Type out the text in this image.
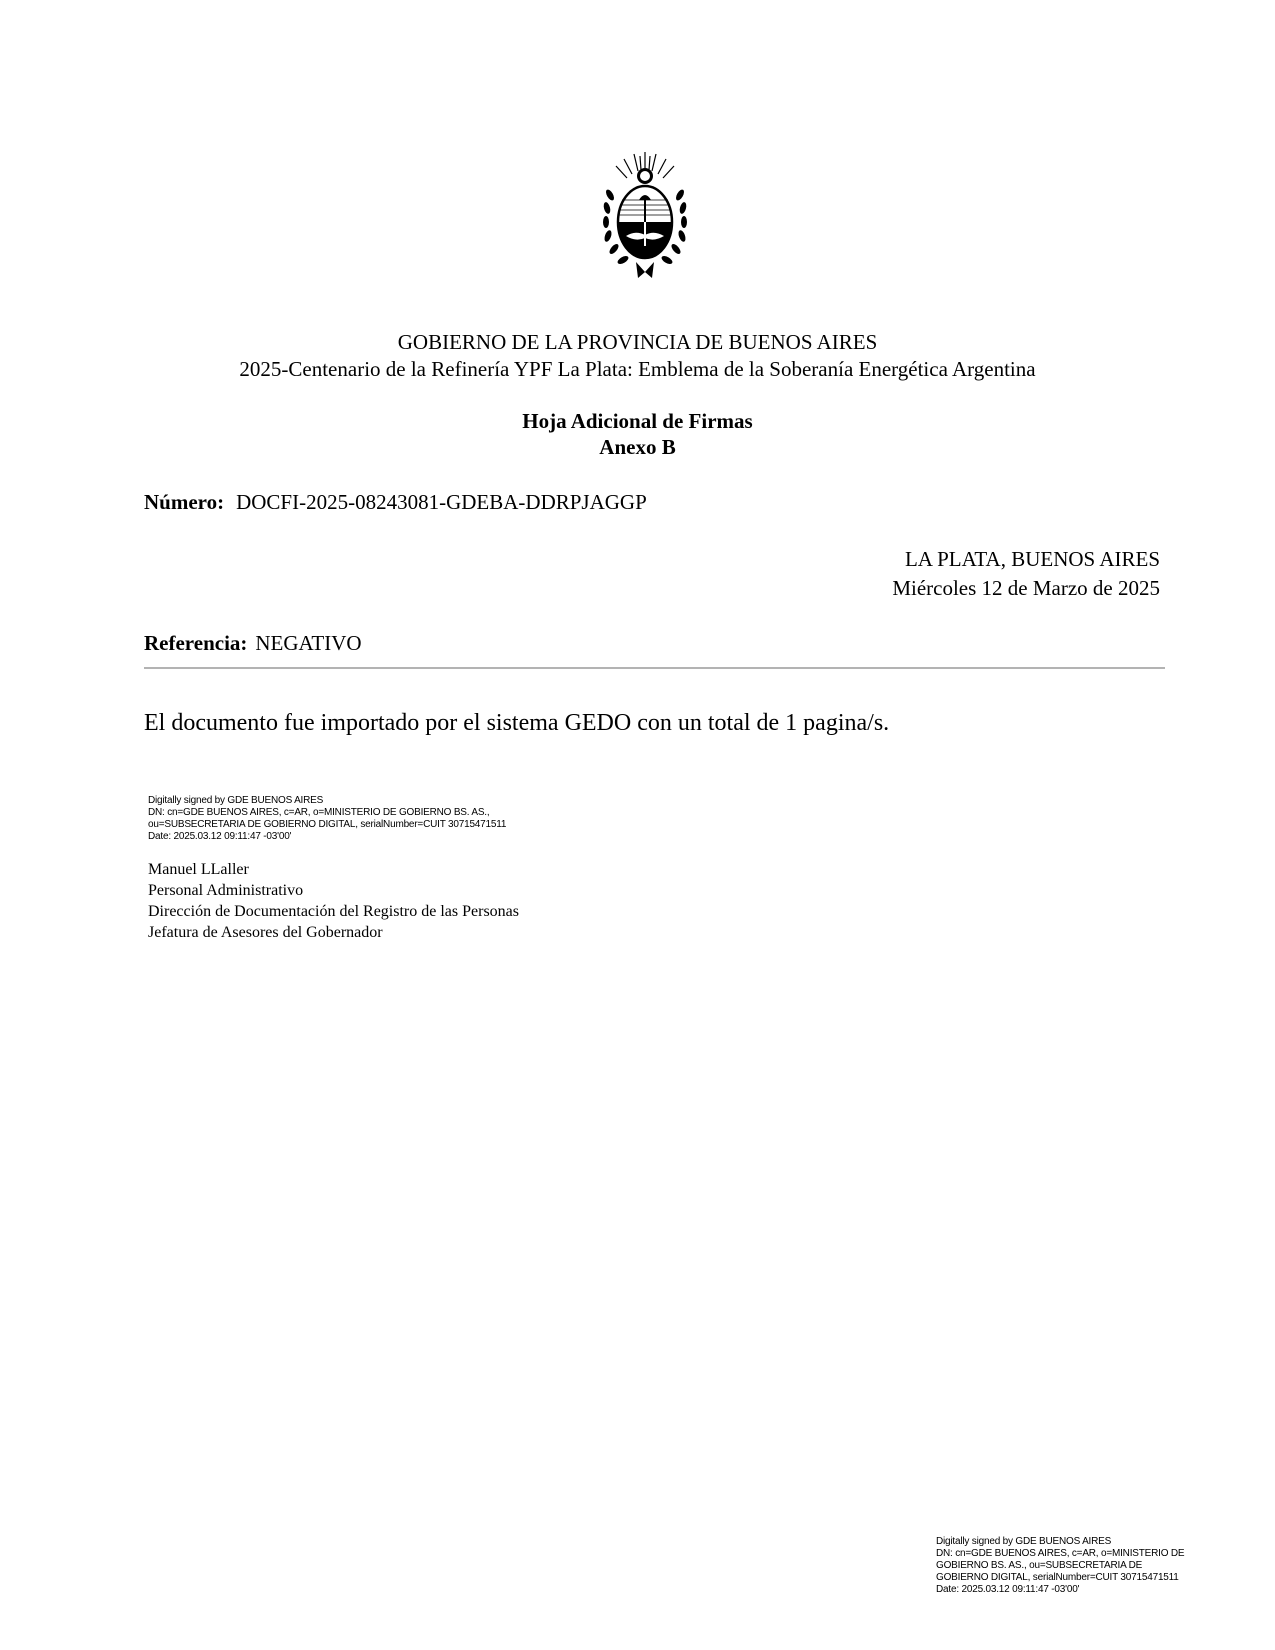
GOBIERNO DE LA PROVINCIA DE BUENOS AIRES
2025-Centenario de la Refinería YPF La Plata: Emblema de la Soberanía Energética Argentina
Hoja Adicional de Firmas
Anexo B
Número: DOCFI-2025-08243081-GDEBA-DDRPJAGGP
LA PLATA, BUENOS AIRES
Miércoles 12 de Marzo de 2025
Referencia: NEGATIVO
El documento fue importado por el sistema GEDO con un total de 1 pagina/s.
Digitally signed by GDE BUENOS AIRES
DN: cn=GDE BUENOS AIRES, c=AR, o=MINISTERIO DE GOBIERNO BS. AS.,
ou=SUBSECRETARIA DE GOBIERNO DIGITAL, serialNumber=CUIT 30715471511
Date: 2025.03.12 09:11:47 -03'00'
Manuel LLaller
Personal Administrativo
Dirección de Documentación del Registro de las Personas
Jefatura de Asesores del Gobernador
Digitally signed by GDE BUENOS AIRES
DN: cn=GDE BUENOS AIRES, c=AR, o=MINISTERIO DE
GOBIERNO BS. AS., ou=SUBSECRETARIA DE
GOBIERNO DIGITAL, serialNumber=CUIT 30715471511
Date: 2025.03.12 09:11:47 -03'00'
